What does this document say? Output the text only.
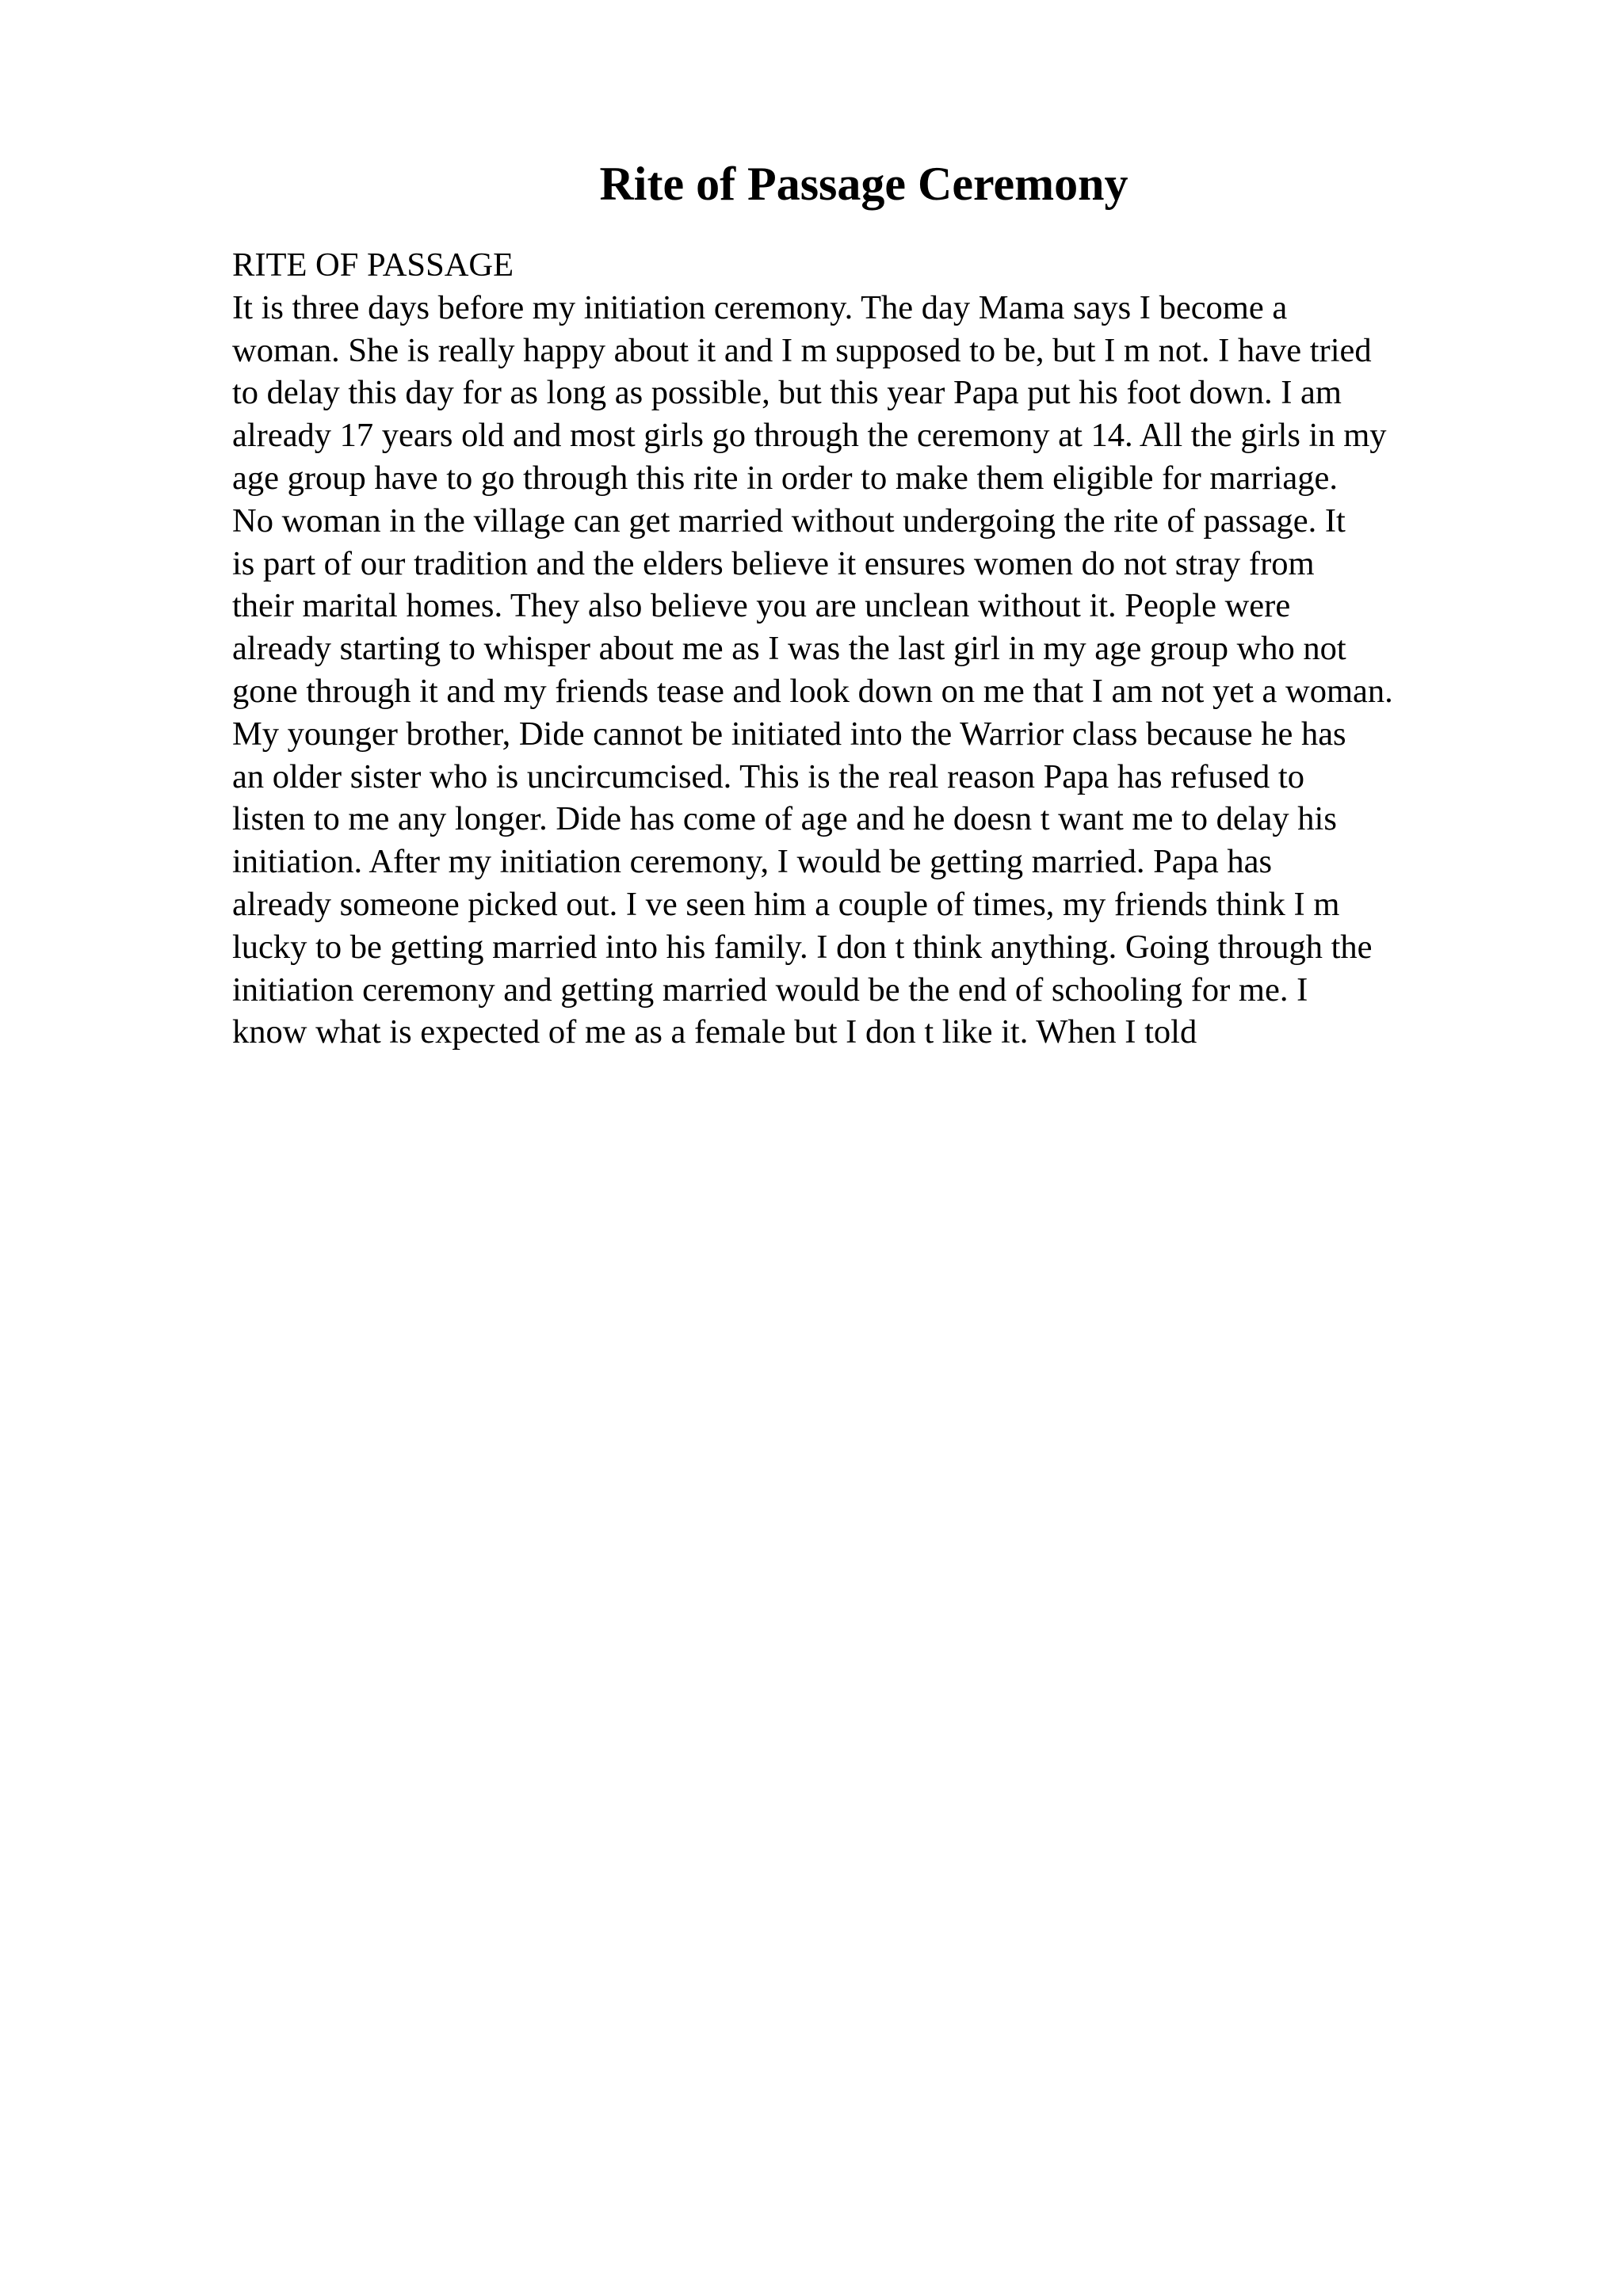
Rite of Passage Ceremony
RITE OF PASSAGE
It is three days before my initiation ceremony. The day Mama says I become a
woman. She is really happy about it and I m supposed to be, but I m not. I have tried
to delay this day for as long as possible, but this year Papa put his foot down. I am
already 17 years old and most girls go through the ceremony at 14. All the girls in my
age group have to go through this rite in order to make them eligible for marriage.
No woman in the village can get married without undergoing the rite of passage. It
is part of our tradition and the elders believe it ensures women do not stray from
their marital homes. They also believe you are unclean without it. People were
already starting to whisper about me as I was the last girl in my age group who not
gone through it and my friends tease and look down on me that I am not yet a woman.
My younger brother, Dide cannot be initiated into the Warrior class because he has
an older sister who is uncircumcised. This is the real reason Papa has refused to
listen to me any longer. Dide has come of age and he doesn t want me to delay his
initiation. After my initiation ceremony, I would be getting married. Papa has
already someone picked out. I ve seen him a couple of times, my friends think I m
lucky to be getting married into his family. I don t think anything. Going through the
initiation ceremony and getting married would be the end of schooling for me. I
know what is expected of me as a female but I don t like it. When I told
